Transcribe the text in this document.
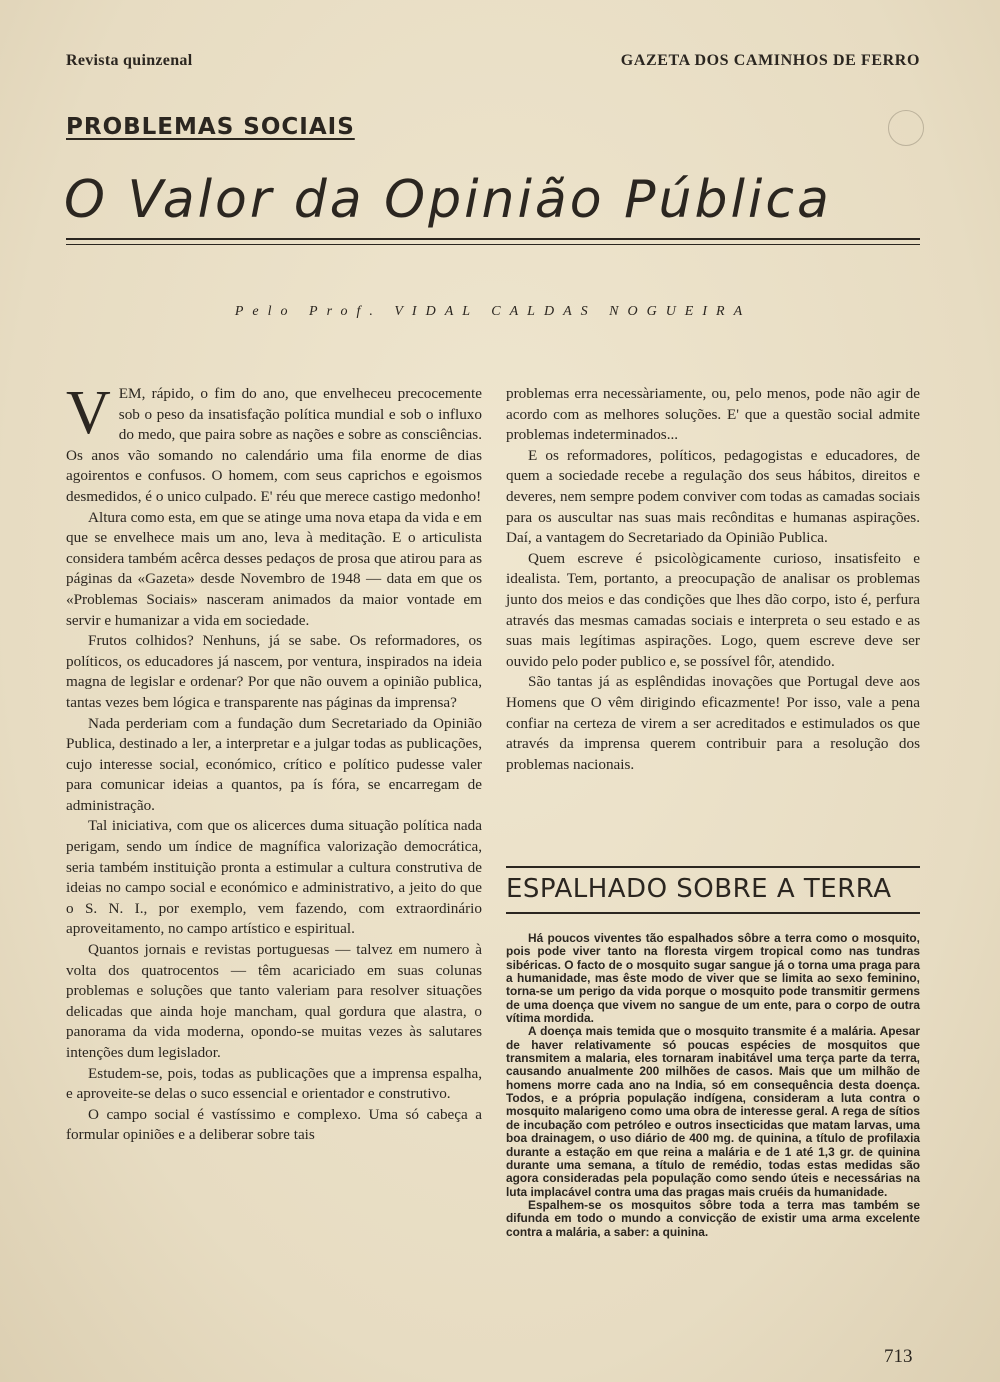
Revista quinzenal	GAZETA DOS CAMINHOS DE FERRO
PROBLEMAS SOCIAIS
O Valor da Opinião Pública
Pelo Prof. VIDAL CALDAS NOGUEIRA

VEM, rápido, o fim do ano, que envelheceu precocemente sob o peso da insatisfação política mundial e sob o influxo do medo, que paira sobre as nações e sobre as consciências. Os anos vão somando no calendário uma fila enorme de dias agoirentos e confusos. O homem, com seus caprichos e egoismos desmedidos, é o unico culpado. E' réu que merece castigo medonho!

Altura como esta, em que se atinge uma nova etapa da vida e em que se envelhece mais um ano, leva à meditação. E o articulista considera também acêrca desses pedaços de prosa que atirou para as páginas da «Gazeta» desde Novembro de 1948 — data em que os «Problemas Sociais» nasceram animados da maior vontade em servir e humanizar a vida em sociedade.

Frutos colhidos? Nenhuns, já se sabe. Os reformadores, os políticos, os educadores já nascem, por ventura, inspirados na ideia magna de legislar e ordenar? Por que não ouvem a opinião publica, tantas vezes bem lógica e transparente nas páginas da imprensa?

Nada perderiam com a fundação dum Secretariado da Opinião Publica, destinado a ler, a interpretar e a julgar todas as publicações, cujo interesse social, económico, crítico e político pudesse valer para comunicar ideias a quantos, pa ís fóra, se encarregam de administração.

Tal iniciativa, com que os alicerces duma situação política nada perigam, sendo um índice de magnífica valorização democrática, seria também instituição pronta a estimular a cultura construtiva de ideias no campo social e económico e administrativo, a jeito do que o S. N. I., por exemplo, vem fazendo, com extraordinário aproveitamento, no campo artístico e espiritual.

Quantos jornais e revistas portuguesas — talvez em numero à volta dos quatrocentos — têm acariciado em suas colunas problemas e soluções que tanto valeriam para resolver situações delicadas que ainda hoje mancham, qual gordura que alastra, o panorama da vida moderna, opondo-se muitas vezes às salutares intenções dum legislador.

Estudem-se, pois, todas as publicações que a imprensa espalha, e aproveite-se delas o suco essencial e orientador e construtivo.

O campo social é vastíssimo e complexo. Uma só cabeça a formular opiniões e a deliberar sobre tais

problemas erra necessàriamente, ou, pelo menos, pode não agir de acordo com as melhores soluções. E' que a questão social admite problemas indeterminados...

E os reformadores, políticos, pedagogistas e educadores, de quem a sociedade recebe a regulação dos seus hábitos, direitos e deveres, nem sempre podem conviver com todas as camadas sociais para os auscultar nas suas mais recônditas e humanas aspirações. Daí, a vantagem do Secretariado da Opinião Publica.

Quem escreve é psicològicamente curioso, insatisfeito e idealista. Tem, portanto, a preocupação de analisar os problemas junto dos meios e das condições que lhes dão corpo, isto é, perfura através das mesmas camadas sociais e interpreta o seu estado e as suas mais legítimas aspirações. Logo, quem escreve deve ser ouvido pelo poder publico e, se possível fôr, atendido.

São tantas já as esplêndidas inovações que Portugal deve aos Homens que O vêm dirigindo eficazmente! Por isso, vale a pena confiar na certeza de virem a ser acreditados e estimulados os que através da imprensa querem contribuir para a resolução dos problemas nacionais.

ESPALHADO SOBRE A TERRA

Há poucos viventes tão espalhados sôbre a terra como o mosquito, pois pode viver tanto na floresta virgem tropical como nas tundras sibéricas. O facto de o mosquito sugar sangue já o torna uma praga para a humanidade, mas êste modo de viver que se limita ao sexo feminino, torna-se um perigo da vida porque o mosquito pode transmitir germens de uma doença que vivem no sangue de um ente, para o corpo de outra vítima mordida.

A doença mais temida que o mosquito transmite é a malária. Apesar de haver relativamente só poucas espécies de mosquitos que transmitem a malaria, eles tornaram inabitável uma terça parte da terra, causando anualmente 200 milhões de casos. Mais que um milhão de homens morre cada ano na India, só em consequência desta doença. Todos, e a própria população indígena, consideram a luta contra o mosquito malarigeno como uma obra de interesse geral. A rega de sítios de incubação com petróleo e outros insecticidas que matam larvas, uma boa drainagem, o uso diário de 400 mg. de quinina, a título de profilaxia durante a estação em que reina a malária e de 1 até 1,3 gr. de quinina durante uma semana, a título de remédio, todas estas medidas são agora consideradas pela população como sendo úteis e necessárias na luta implacável contra uma das pragas mais cruéis da humanidade.

Espalhem-se os mosquitos sôbre toda a terra mas também se difunda em todo o mundo a convicção de existir uma arma excelente contra a malária, a saber: a quinina.

713
